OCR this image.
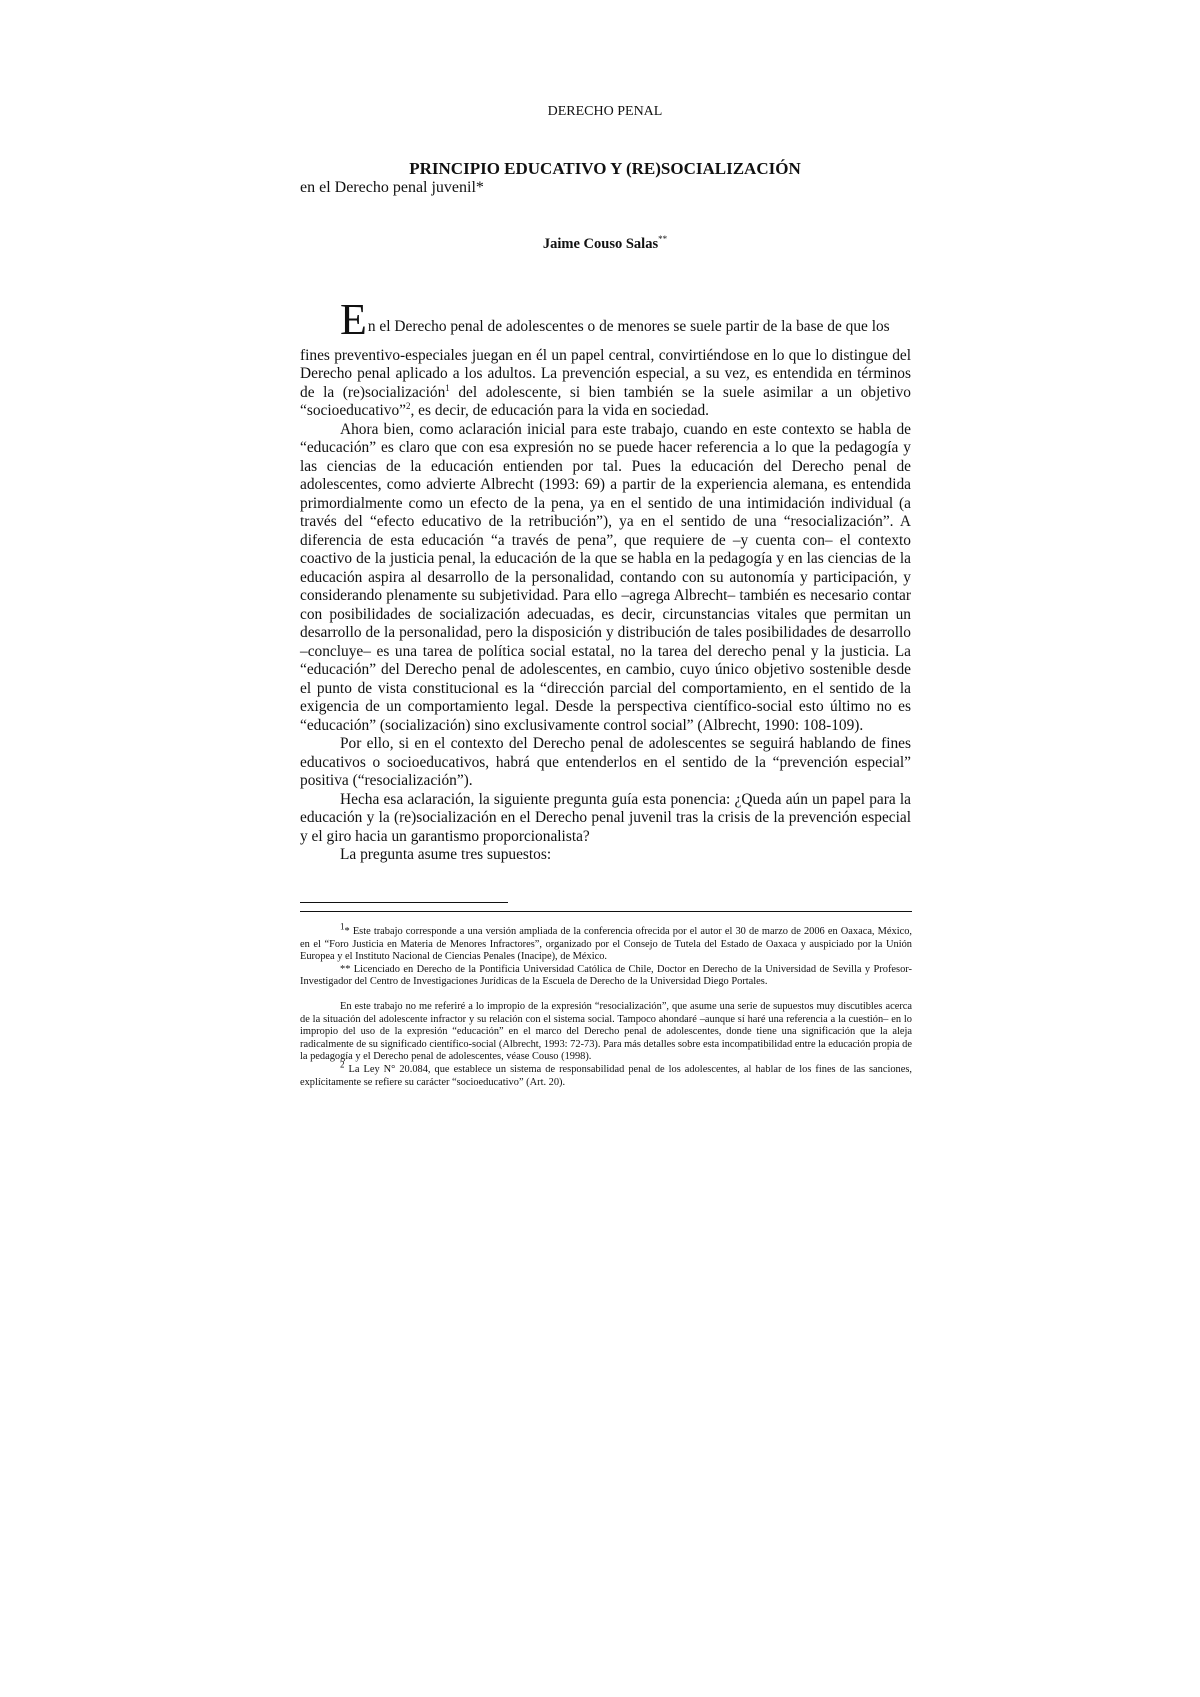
DERECHO PENAL
PRINCIPIO EDUCATIVO Y (RE)SOCIALIZACIÓN
en el Derecho penal juvenil*
Jaime Couso Salas**

En el Derecho penal de adolescentes o de menores se suele partir de la base de que los

fines preventivo-especiales juegan en él un papel central, convirtiéndose en lo que lo distingue del Derecho penal aplicado a los adultos. La prevención especial, a su vez, es entendida en términos de la (re)socialización$^1$ del adolescente, si bien también se la suele asimilar a un objetivo “socioeducativo”$^2$, es decir, de educación para la vida en sociedad.

Ahora bien, como aclaración inicial para este trabajo, cuando en este contexto se habla de “educación” es claro que con esa expresión no se puede hacer referencia a lo que la pedagogía y las ciencias de la educación entienden por tal. Pues la educación del Derecho penal de adolescentes, como advierte Albrecht (1993: 69) a partir de la experiencia alemana, es entendida primordialmente como un efecto de la pena, ya en el sentido de una intimidación individual (a través del “efecto educativo de la retribución”), ya en el sentido de una “resocialización”. A diferencia de esta educación “a través de pena”, que requiere de –y cuenta con– el contexto coactivo de la justicia penal, la educación de la que se habla en la pedagogía y en las ciencias de la educación aspira al desarrollo de la personalidad, contando con su autonomía y participación, y considerando plenamente su subjetividad. Para ello –agrega Albrecht– también es necesario contar con posibilidades de socialización adecuadas, es decir, circunstancias vitales que permitan un desarrollo de la personalidad, pero la disposición y distribución de tales posibilidades de desarrollo –concluye– es una tarea de política social estatal, no la tarea del derecho penal y la justicia. La “educación” del Derecho penal de adolescentes, en cambio, cuyo único objetivo sostenible desde el punto de vista constitucional es la “dirección parcial del comportamiento, en el sentido de la exigencia de un comportamiento legal. Desde la perspectiva científico-social esto último no es “educación” (socialización) sino exclusivamente control social” (Albrecht, 1990: 108-109).

Por ello, si en el contexto del Derecho penal de adolescentes se seguirá hablando de fines educativos o socioeducativos, habrá que entenderlos en el sentido de la “prevención especial” positiva (“resocialización”).

Hecha esa aclaración, la siguiente pregunta guía esta ponencia: ¿Queda aún un papel para la educación y la (re)socialización en el Derecho penal juvenil tras la crisis de la prevención especial y el giro hacia un garantismo proporcionalista?

La pregunta asume tres supuestos:

$^1$* Este trabajo corresponde a una versión ampliada de la conferencia ofrecida por el autor el 30 de marzo de 2006 en Oaxaca, México, en el “Foro Justicia en Materia de Menores Infractores”, organizado por el Consejo de Tutela del Estado de Oaxaca y auspiciado por la Unión Europea y el Instituto Nacional de Ciencias Penales (Inacipe), de México.

** Licenciado en Derecho de la Pontificia Universidad Católica de Chile, Doctor en Derecho de la Universidad de Sevilla y Profesor-Investigador del Centro de Investigaciones Jurídicas de la Escuela de Derecho de la Universidad Diego Portales.

En este trabajo no me referiré a lo impropio de la expresión “resocialización”, que asume una serie de supuestos muy discutibles acerca de la situación del adolescente infractor y su relación con el sistema social. Tampoco ahondaré –aunque sí haré una referencia a la cuestión– en lo impropio del uso de la expresión “educación” en el marco del Derecho penal de adolescentes, donde tiene una significación que la aleja radicalmente de su significado científico-social (Albrecht, 1993: 72-73). Para más detalles sobre esta incompatibilidad entre la educación propia de la pedagogía y el Derecho penal de adolescentes, véase Couso (1998).

$^2$ La Ley N° 20.084, que establece un sistema de responsabilidad penal de los adolescentes, al hablar de los fines de las sanciones, explícitamente se refiere su carácter “socioeducativo” (Art. 20).
